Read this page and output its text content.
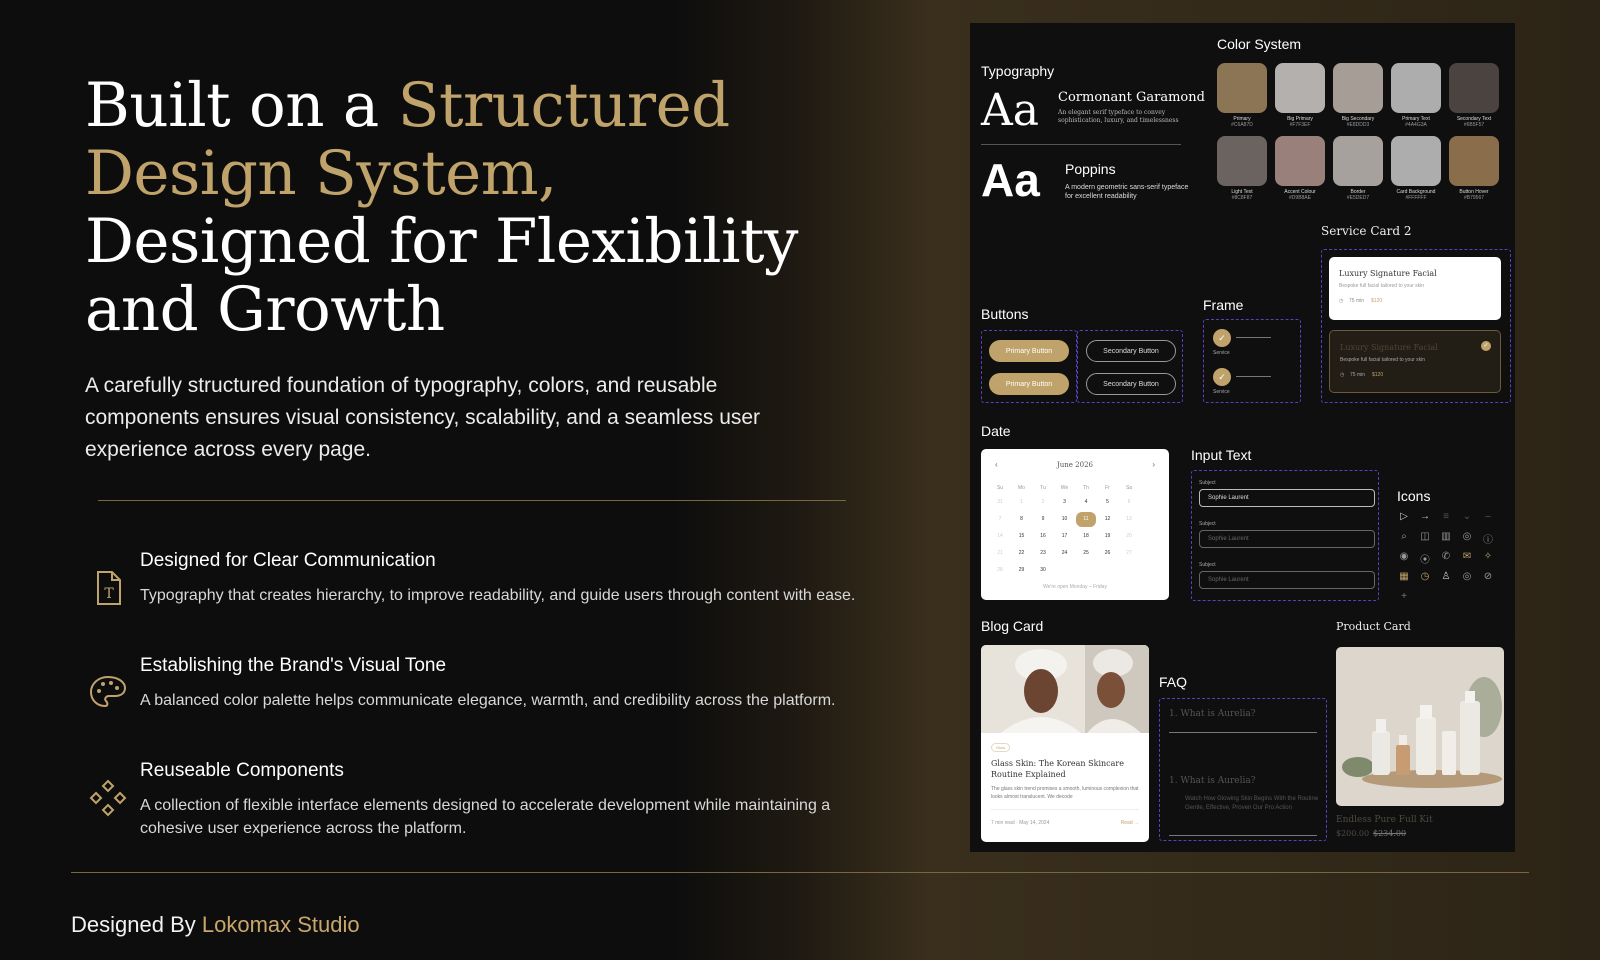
Built on a Structured
Design System,
Designed for Flexibility
and Growth

A carefully structured foundation of typography, colors, and reusable components ensures visual consistency, scalability, and a seamless user experience across every page.

T
Designed for Clear Communication

Typography that creates hierarchy, to improve readability, and guide users through content with ease.

Establishing the Brand's Visual Tone

A balanced color palette helps communicate elegance, warmth, and credibility across the platform.

Reuseable Components

A collection of flexible interface elements designed to accelerate development while maintaining a cohesive user experience across the platform.

Designed By Lokomax Studio
Typography
Aa Cormonant Garamond
An elegant serif typeface to convey sophistication, luxury, and timelessness
Aa Poppins
A modern geometric sans-serif typeface for excellent readability
Color System
Buttons
Primary Button
Primary Button
Secondary Button
Secondary Button
Frame
✓
Service
✓
Service
Service Card 2
Luxury Signature Facial
Bespoke full facial tailored to your skin
◷ 75 min $120
Luxury Signature Facial
Bespoke full facial tailored to your skin
◷ 75 min $120
✓
Date
‹	June 2026	›
We're open Monday – Friday
Input Text
Icons
Blog Card
Glow
Glass Skin: The Korean Skincare Routine Explained
The glass skin trend promises a smooth, luminous complexion that looks almost translucent. We decode
7 min read · May 14, 2024	Read →
FAQ
1. What is Aurelia?
1. What is Aurelia?
Watch How Glowing Skin Begins With the Routine Gentle, Effective, Proven Our Pro Action
Product Card
Endless Pure Full Kit
$200.00 $234.00
Primary
#C6A87D
Big Primary
#F7F3EF
Big Secondary
#E8DDD3
Primary Text
#4A4G3A
Secondary Text
#6B5F57
Light Text
#8C8F87
Accent Colour
#D9B8AE
Border
#E5DED7
Card Background
#FFFFFF
Button Hover
#B79567
Su	Mo	Tu	We	Th	Fr	Sa
31	1	2	3	4	5	6
7	8	9	10	11	12	13
14	15	16	17	18	19	20
21	22	23	24	25	26	27
28	29	30
Subject
Sophie Laurent
Subject
Sophie Laurent
Subject
Sophie Laurent
▷	→	≡	⌄	–
⌕	◫ ▥ ◎ ⓘ
◉ ⦿ ✆ ✉ ✧
▦ ◷ ♙ ◎ ⊘
+
